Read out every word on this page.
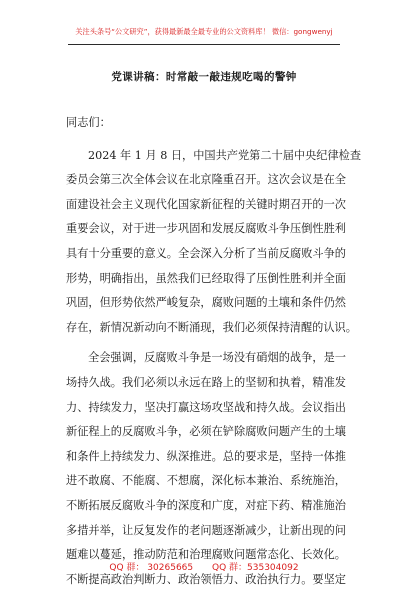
关注头条号“公文研究”，获得最新最全最专业的公文资料库！ 微信：gongwenyj
党课讲稿：时常敲一敲违规吃喝的警钟
同志们：
2024 年 1 月 8 日，中国共产党第二十届中央纪律检查
委员会第三次全体会议在北京隆重召开。这次会议是在全
面建设社会主义现代化国家新征程的关键时期召开的一次
重要会议，对于进一步巩固和发展反腐败斗争压倒性胜利
具有十分重要的意义。全会深入分析了当前反腐败斗争的
形势，明确指出，虽然我们已经取得了压倒性胜利并全面
巩固，但形势依然严峻复杂，腐败问题的土壤和条件仍然
存在，新情况新动向不断涌现，我们必须保持清醒的认识。
全会强调，反腐败斗争是一场没有硝烟的战争，是一
场持久战。我们必须以永远在路上的坚韧和执着，精准发
力、持续发力，坚决打赢这场攻坚战和持久战。会议指出
新征程上的反腐败斗争，必须在铲除腐败问题产生的土壤
和条件上持续发力、纵深推进。总的要求是，坚持一体推
进不敢腐、不能腐、不想腐，深化标本兼治、系统施治，
不断拓展反腐败斗争的深度和广度，对症下药、精准施治
多措并举，让反复发作的老问题逐渐减少，让新出现的问
题难以蔓延，推动防范和治理腐败问题常态化、长效化。
不断提高政治判断力、政治领悟力、政治执行力。要坚定
QQ 群： 30265665 QQ 群：535304092
